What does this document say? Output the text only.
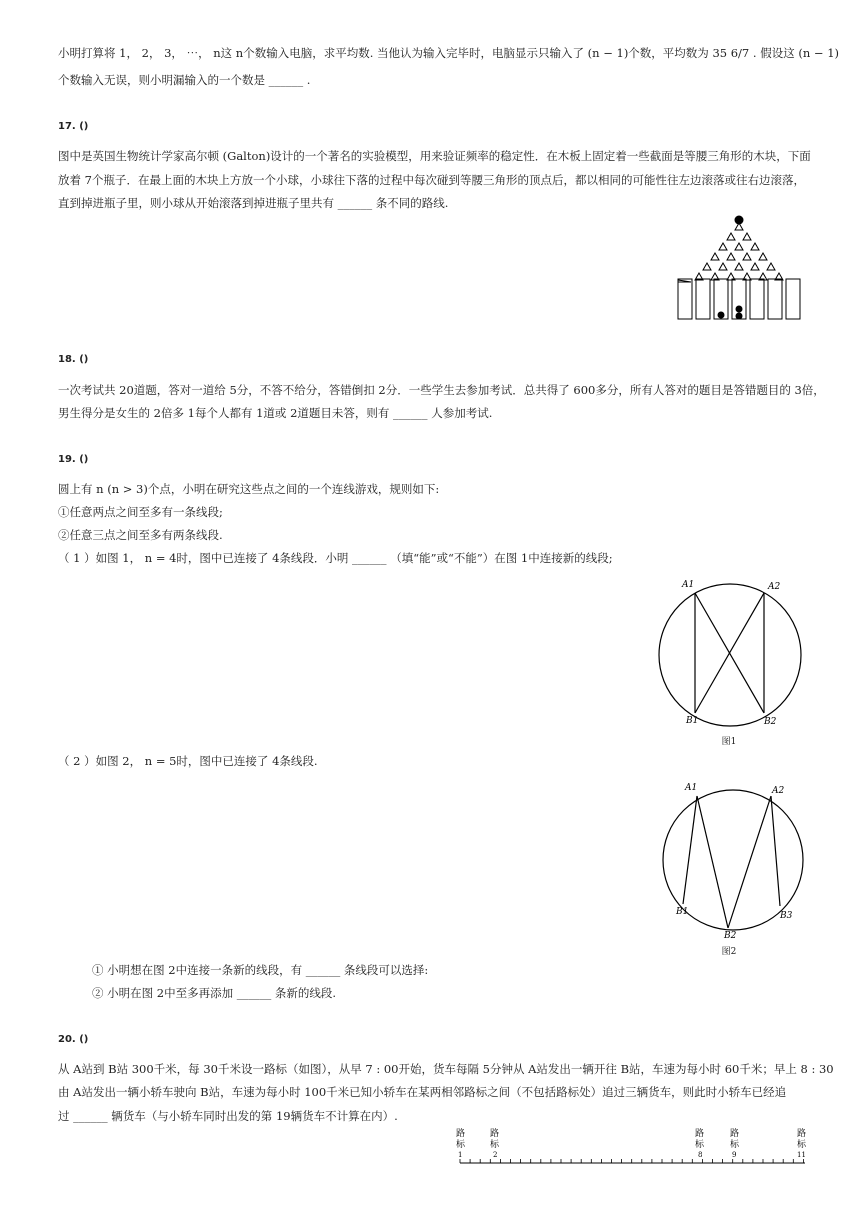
小明打算将 1， 2， 3， ⋯， n这 n个数输入电脑，求平均数. 当他认为输入完毕时，电脑显示只输入了 (n − 1)个数，平均数为 35 6/7 . 假设这 (n − 1)
个数输入无误，则小明漏输入的一个数是 ______ .
17. ()
图中是英国生物统计学家高尔顿 (Galton)设计的一个著名的实验模型，用来验证频率的稳定性．在木板上固定着一些截面是等腰三角形的木块，下面
放着 7个瓶子．在最上面的木块上方放一个小球，小球往下落的过程中每次碰到等腰三角形的顶点后，都以相同的可能性往左边滚落或往右边滚落，
直到掉进瓶子里，则小球从开始滚落到掉进瓶子里共有 ______ 条不同的路线.
18. ()
一次考试共 20道题，答对一道给 5分，不答不给分，答错倒扣 2分．一些学生去参加考试．总共得了 600多分，所有人答对的题目是答错题目的 3倍，
男生得分是女生的 2倍多 1每个人都有 1道或 2道题目未答，则有 ______ 人参加考试.
19. ()
圆上有 n (n > 3)个点，小明在研究这些点之间的一个连线游戏，规则如下:
①任意两点之间至多有一条线段;
②任意三点之间至多有两条线段.
（ 1 ）如图 1， n = 4时，图中已连接了 4条线段．小明 ______ （填“能”或“不能”）在图 1中连接新的线段;
A1	A2
B1	B2
图1
（ 2 ）如图 2， n = 5时，图中已连接了 4条线段.
A1	A2
B1
B2
B3
图2
① 小明想在图 2中连接一条新的线段，有 ______ 条线段可以选择:
② 小明在图 2中至多再添加 ______ 条新的线段.
20. ()
从 A站到 B站 300千米，每 30千米设一路标（如图），从早 7 : 00开始，货车每隔 5分钟从 A站发出一辆开往 B站，车速为每小时 60千米；早上 8 : 30
由 A站发出一辆小轿车驶向 B站，车速为每小时 100千米已知小轿车在某两相邻路标之间（不包括路标处）追过三辆货车，则此时小轿车已经追
过 ______ 辆货车（与小轿车同时出发的第 19辆货车不计算在内）.
路
标
1
路
标
2
路
标
8
路
标
9
路
标
11
